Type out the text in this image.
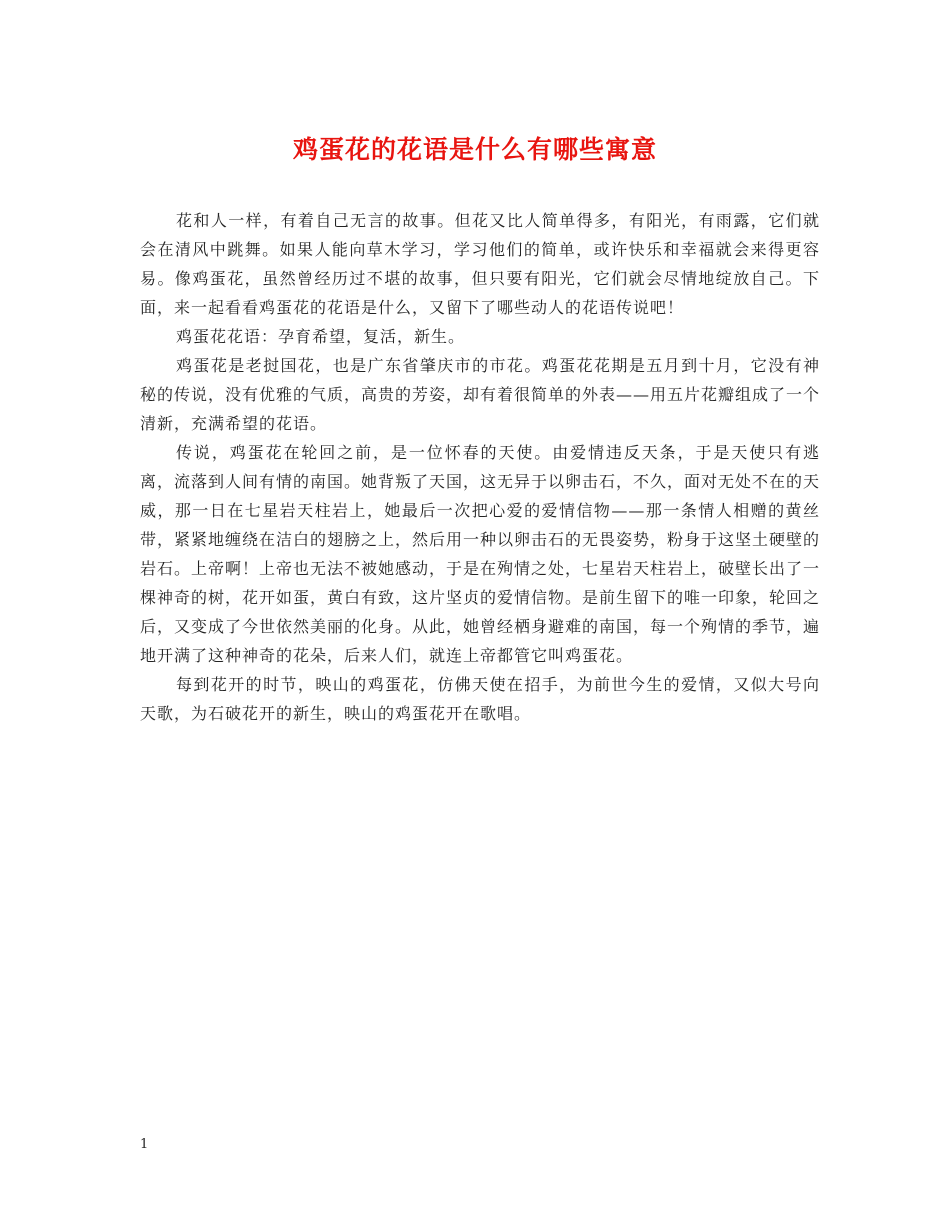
鸡蛋花的花语是什么有哪些寓意

花和人一样，有着自己无言的故事。但花又比人简单得多，有阳光，有雨露，它们就会在清风中跳舞。如果人能向草木学习，学习他们的简单，或许快乐和幸福就会来得更容易。像鸡蛋花，虽然曾经历过不堪的故事，但只要有阳光，它们就会尽情地绽放自己。下面，来一起看看鸡蛋花的花语是什么，又留下了哪些动人的花语传说吧！

鸡蛋花花语：孕育希望，复活，新生。

鸡蛋花是老挝国花，也是广东省肇庆市的市花。鸡蛋花花期是五月到十月，它没有神秘的传说，没有优雅的气质，高贵的芳姿，却有着很简单的外表——用五片花瓣组成了一个清新，充满希望的花语。

传说，鸡蛋花在轮回之前，是一位怀春的天使。由爱情违反天条，于是天使只有逃离，流落到人间有情的南国。她背叛了天国，这无异于以卵击石，不久，面对无处不在的天威，那一日在七星岩天柱岩上，她最后一次把心爱的爱情信物——那一条情人相赠的黄丝带，紧紧地缠绕在洁白的翅膀之上，然后用一种以卵击石的无畏姿势，粉身于这坚土硬壁的岩石。上帝啊！上帝也无法不被她感动，于是在殉情之处，七星岩天柱岩上，破壁长出了一棵神奇的树，花开如蛋，黄白有致，这片坚贞的爱情信物。是前生留下的唯一印象，轮回之后，又变成了今世依然美丽的化身。从此，她曾经栖身避难的南国，每一个殉情的季节，遍地开满了这种神奇的花朵，后来人们，就连上帝都管它叫鸡蛋花。

每到花开的时节，映山的鸡蛋花，仿佛天使在招手，为前世今生的爱情，又似大号向天歌，为石破花开的新生，映山的鸡蛋花开在歌唱。

1
